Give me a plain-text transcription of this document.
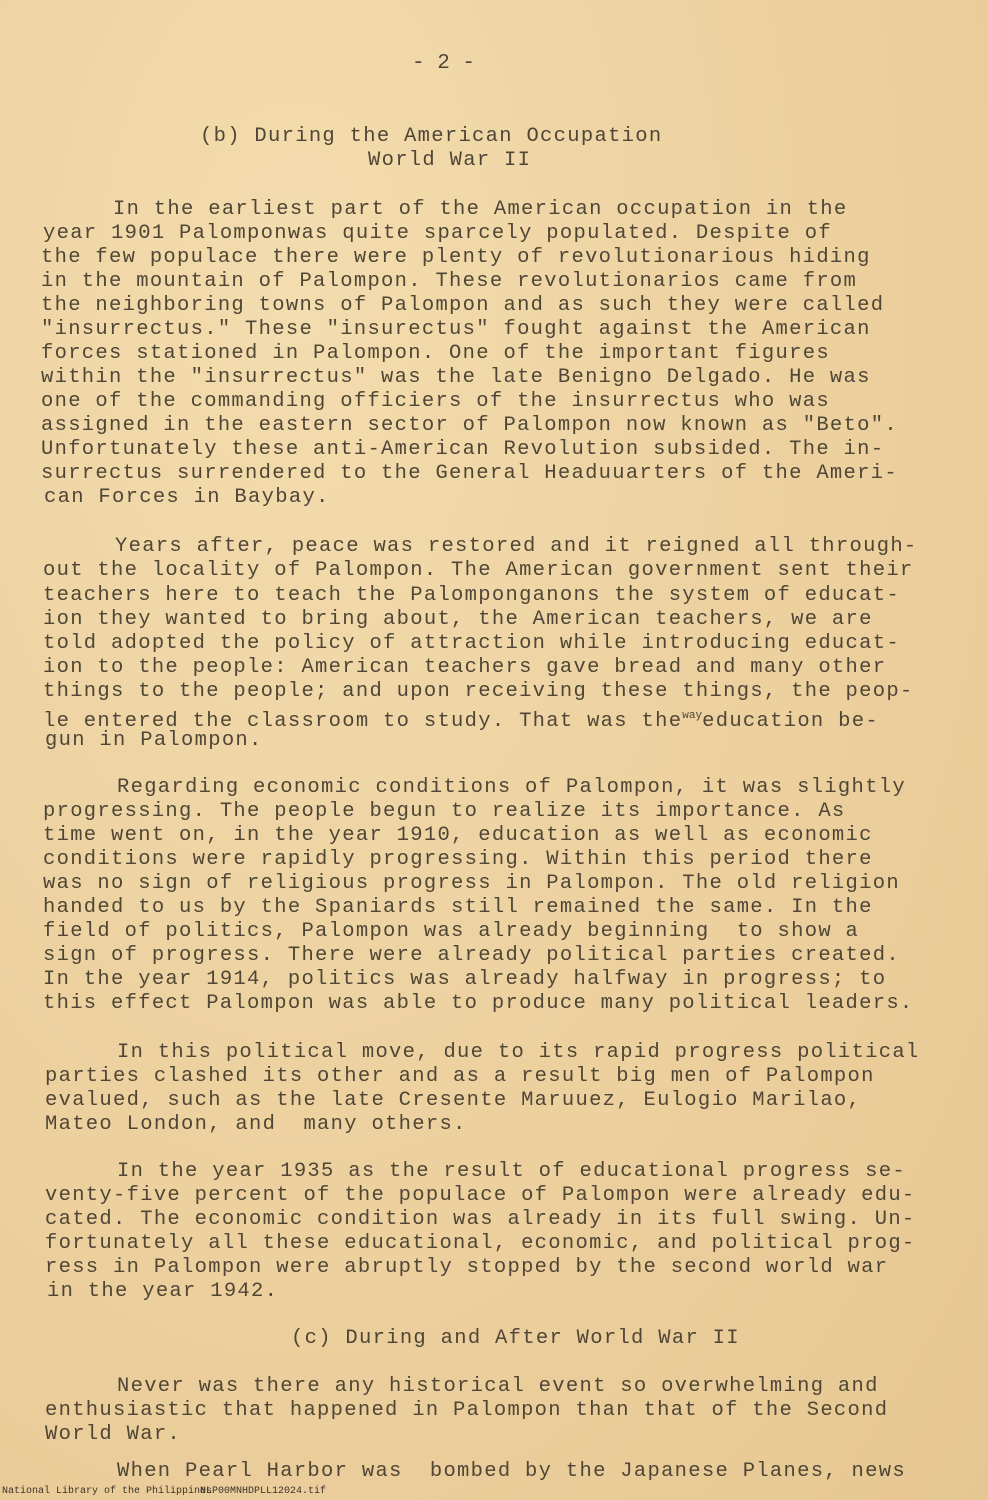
- 2 -
(b) During the American Occupation
World War II
In the earliest part of the American occupation in the
year 1901 Palomponwas quite sparcely populated. Despite of
the few populace there were plenty of revolutionarious hiding
in the mountain of Palompon. These revolutionarios came from
the neighboring towns of Palompon and as such they were called
"insurrectus." These "insurectus" fought against the American
forces stationed in Palompon. One of the important figures
within the "insurrectus" was the late Benigno Delgado. He was
one of the commanding officiers of the insurrectus who was
assigned in the eastern sector of Palompon now known as "Beto".
Unfortunately these anti-American Revolution subsided. The in-
surrectus surrendered to the General Headuuarters of the Ameri-
can Forces in Baybay.
Years after, peace was restored and it reigned all through-
out the locality of Palompon. The American government sent their
teachers here to teach the Palomponganons the system of educat-
ion they wanted to bring about, the American teachers, we are
told adopted the policy of attraction while introducing educat-
ion to the people: American teachers gave bread and many other
things to the people; and upon receiving these things, the peop-
le entered the classroom to study. That was the$^{way}$education be-
gun in Palompon.
Regarding economic conditions of Palompon, it was slightly
progressing. The people begun to realize its importance. As
time went on, in the year 1910, education as well as economic
conditions were rapidly progressing. Within this period there
was no sign of religious progress in Palompon. The old religion
handed to us by the Spaniards still remained the same. In the
field of politics, Palompon was already beginning  to show a
sign of progress. There were already political parties created.
In the year 1914, politics was already halfway in progress; to
this effect Palompon was able to produce many political leaders.
In this political move, due to its rapid progress political
parties clashed its other and as a result big men of Palompon
evalued, such as the late Cresente Maruuez, Eulogio Marilao,
Mateo London, and  many others.
In the year 1935 as the result of educational progress se-
venty-five percent of the populace of Palompon were already edu-
cated. The economic condition was already in its full swing. Un-
fortunately all these educational, economic, and political prog-
ress in Palompon were abruptly stopped by the second world war
in the year 1942.
(c) During and After World War II
Never was there any historical event so overwhelming and
enthusiastic that happened in Palompon than that of the Second
World War.
When Pearl Harbor was  bombed by the Japanese Planes, news
National Library of the Philippines
NLP00MNHDPLL12024.tif
